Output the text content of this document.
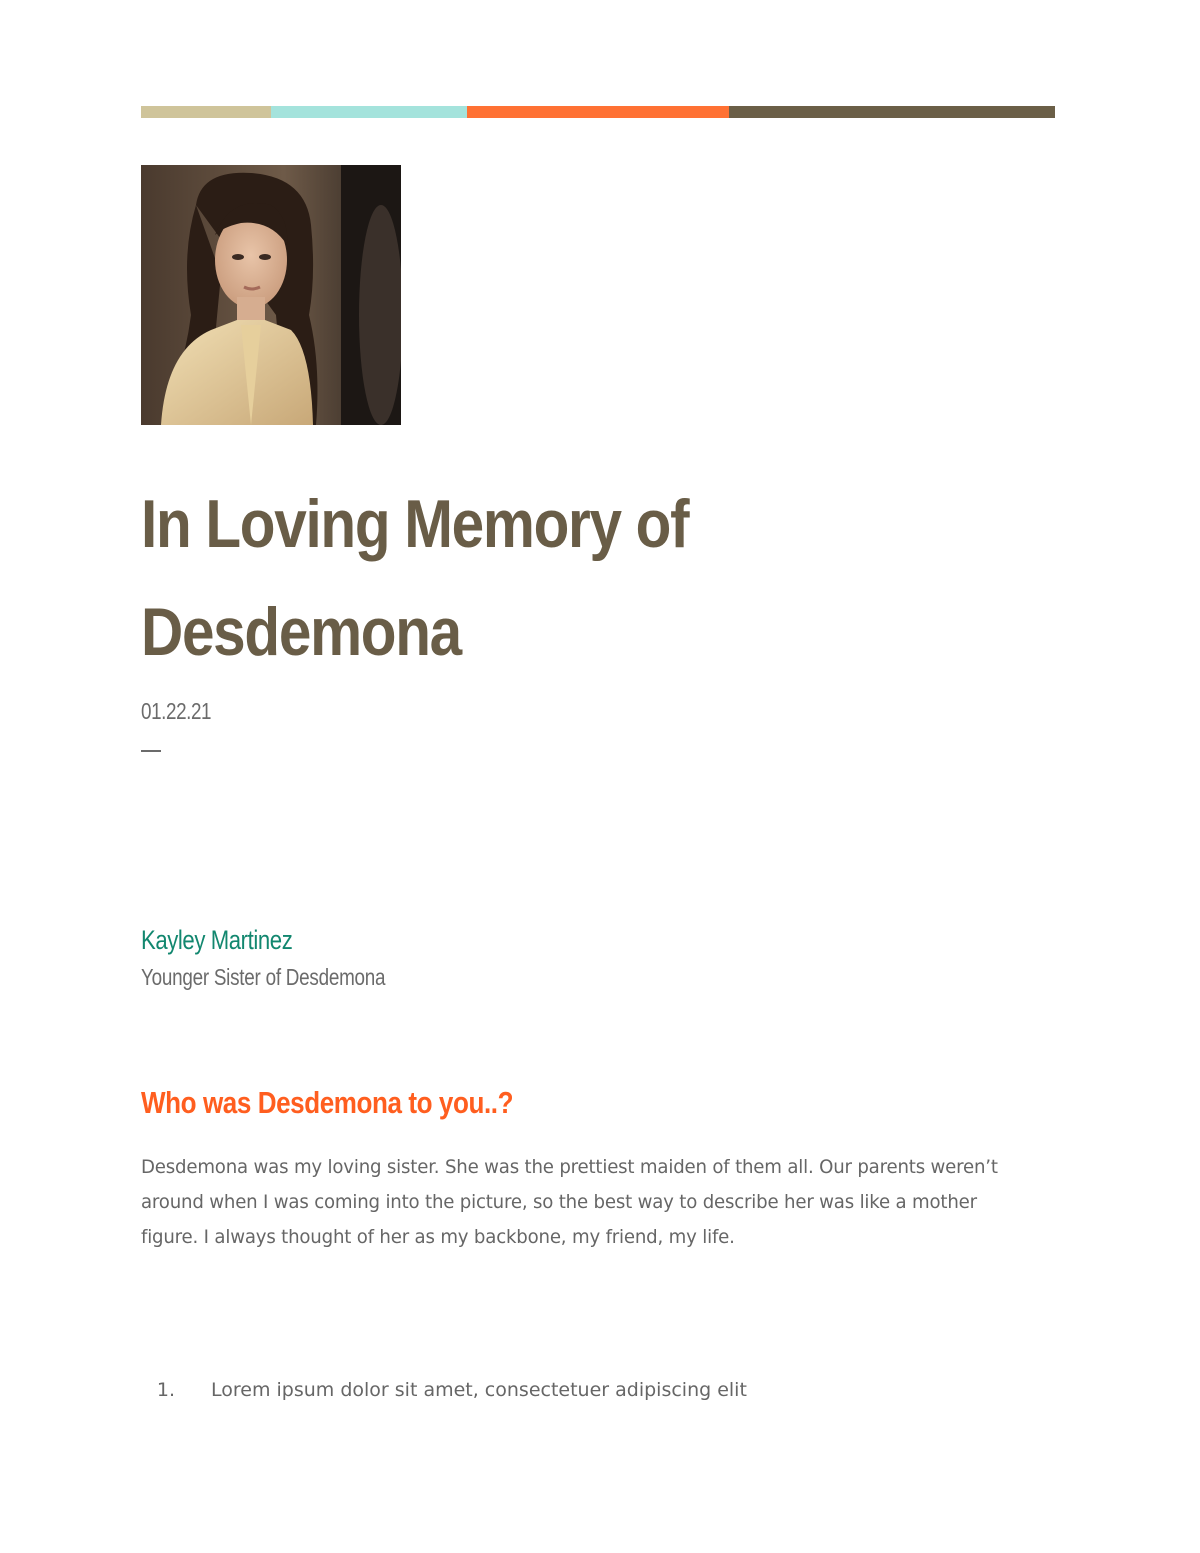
In Loving Memory of
Desdemona
01.22.21
Kayley Martinez
Younger Sister of Desdemona
Who was Desdemona to you..?

Desdemona was my loving sister. She was the prettiest maiden of them all. Our parents weren’t around when I was coming into the picture, so the best way to describe her was like a mother figure. I always thought of her as my backbone, my friend, my life.

1. Lorem ipsum dolor sit amet, consectetuer adipiscing elit
